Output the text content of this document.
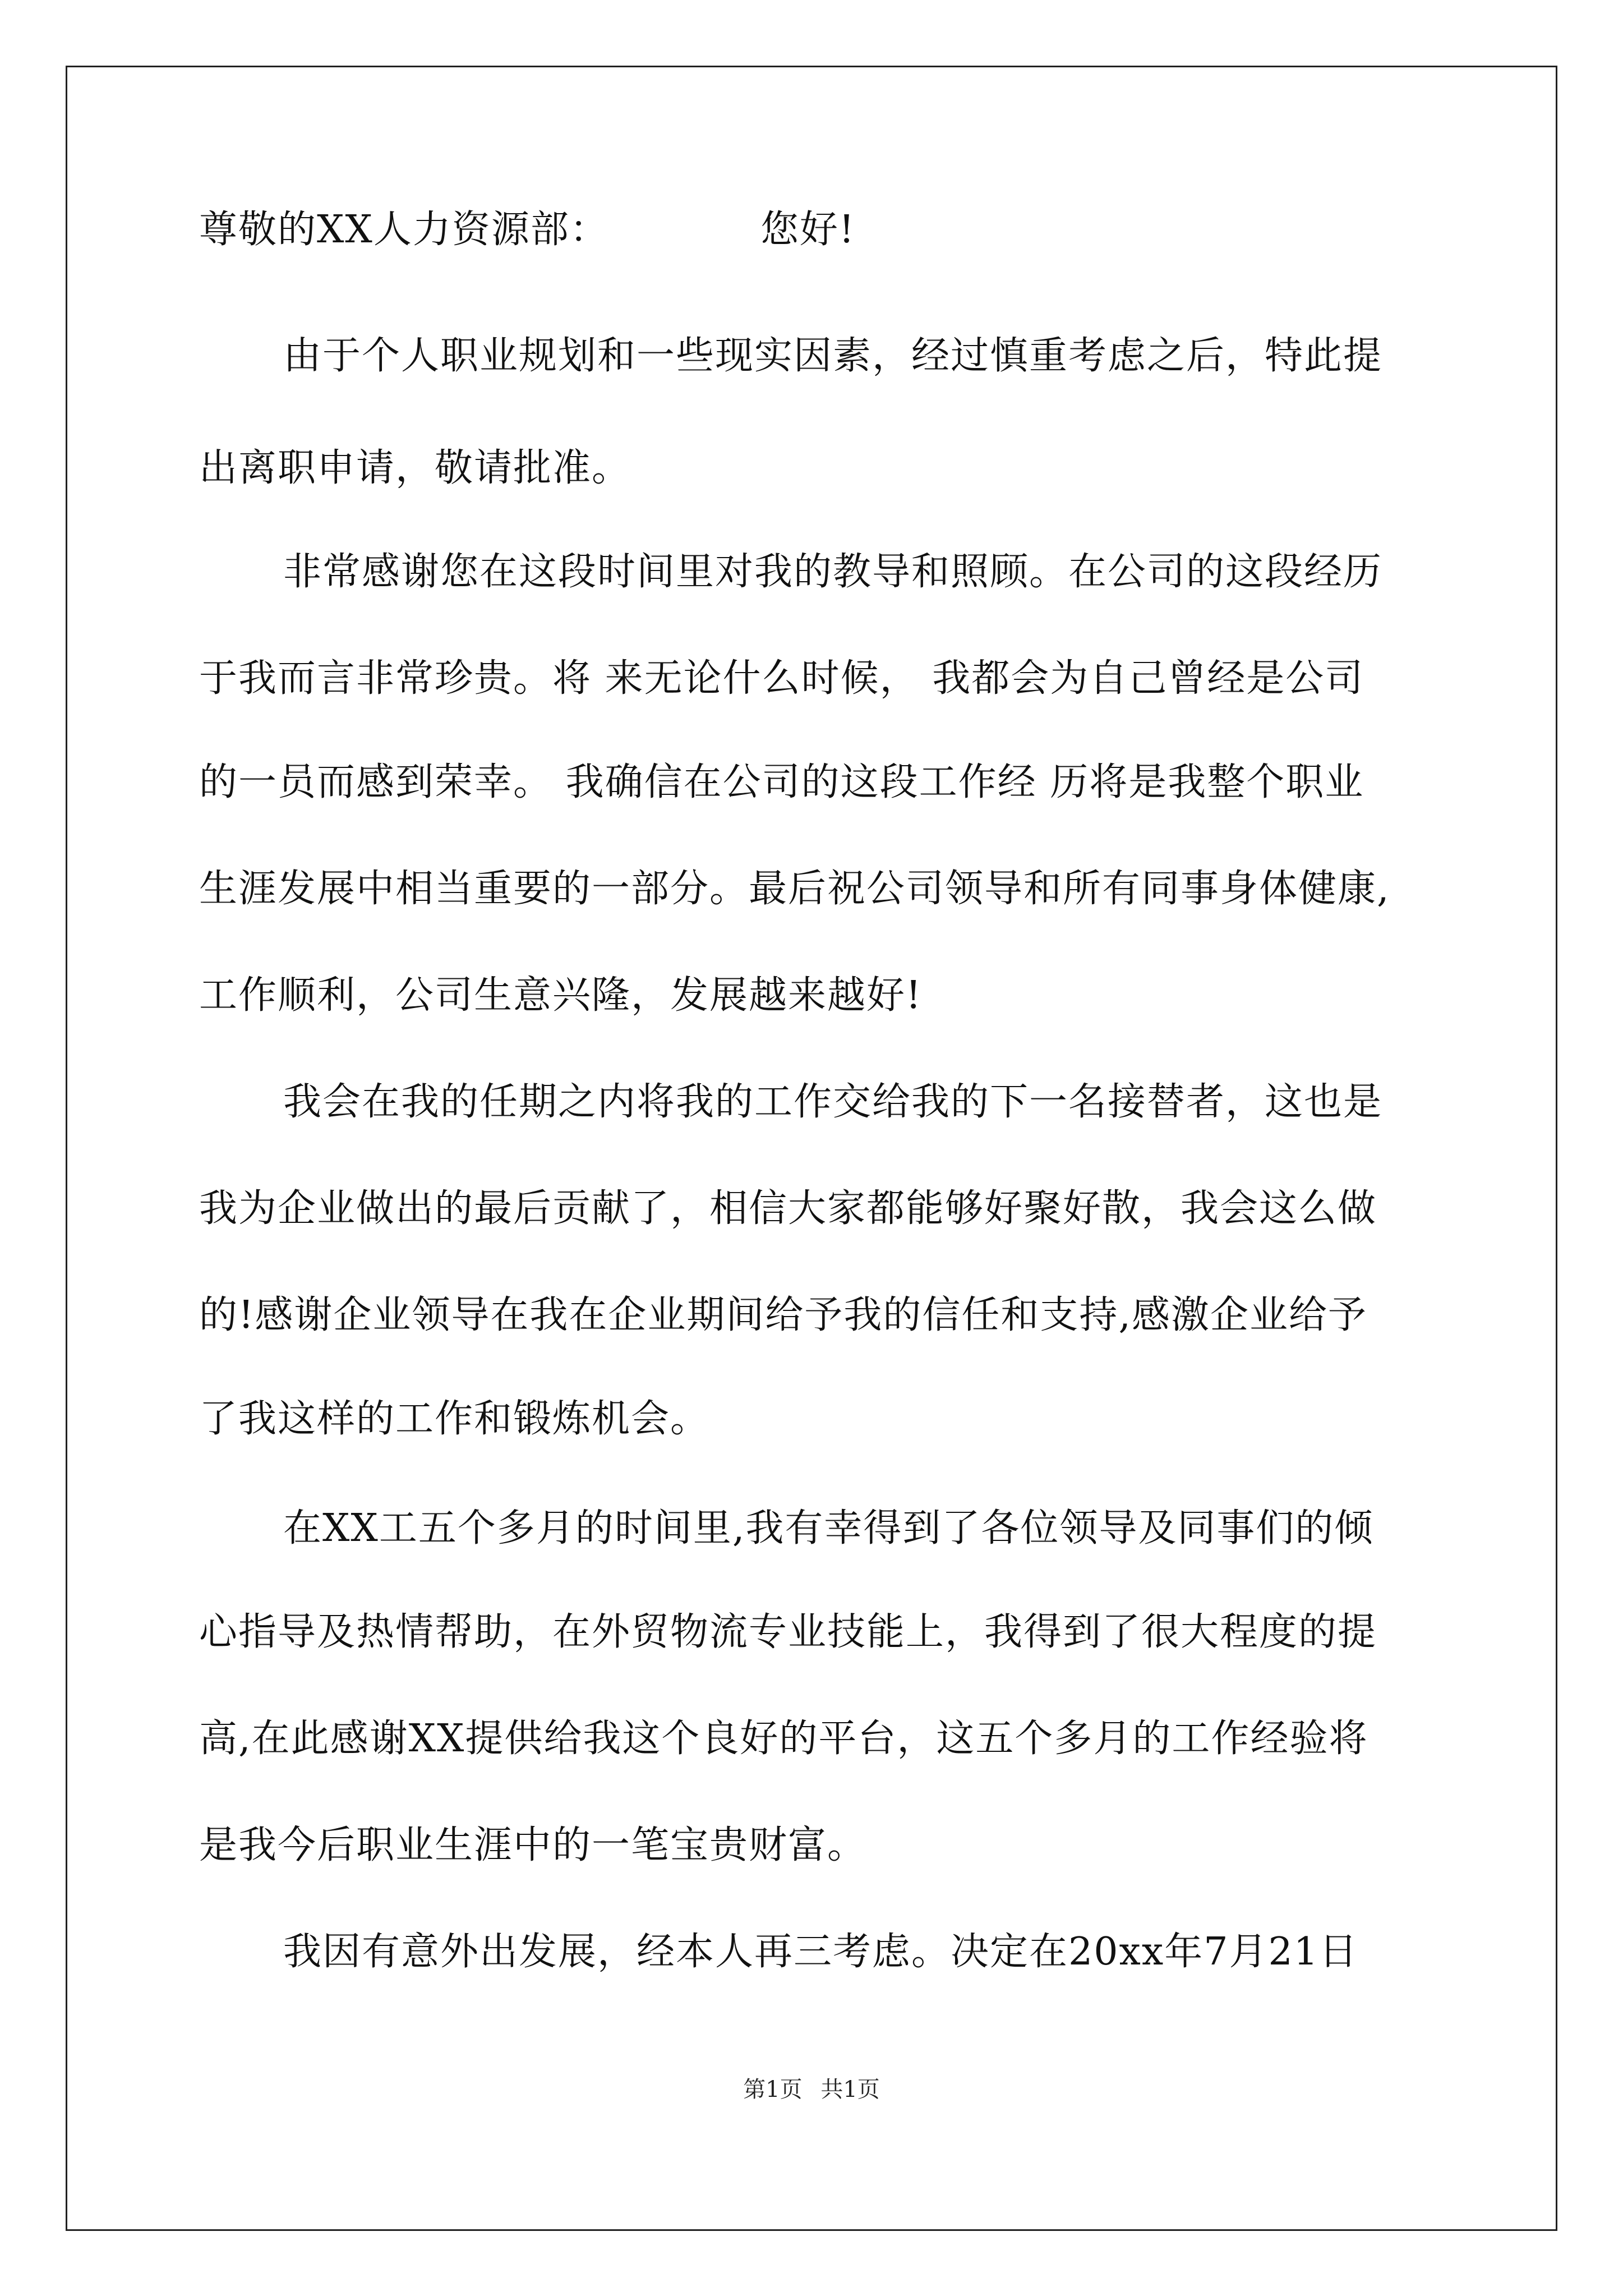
尊敬的XX人力资源部：	您好!
由于个人职业规划和一些现实因素，经过慎重考虑之后，特此提
出离职申请，敬请批准。
非常感谢您在这段时间里对我的教导和照顾。在公司的这段经历
于我而言非常珍贵。将 来无论什么时候， 我都会为自己曾经是公司
的一员而感到荣幸。 我确信在公司的这段工作经 历将是我整个职业
生涯发展中相当重要的一部分。最后祝公司领导和所有同事身体健康,
工作顺利，公司生意兴隆，发展越来越好!
我会在我的任期之内将我的工作交给我的下一名接替者，这也是
我为企业做出的最后贡献了，相信大家都能够好聚好散，我会这么做
的!感谢企业领导在我在企业期间给予我的信任和支持,感激企业给予
了我这样的工作和锻炼机会。
在XX工五个多月的时间里,我有幸得到了各位领导及同事们的倾
心指导及热情帮助，在外贸物流专业技能上，我得到了很大程度的提
高,在此感谢XX提供给我这个良好的平台，这五个多月的工作经验将
是我今后职业生涯中的一笔宝贵财富。
我因有意外出发展，经本人再三考虑。决定在20xx年7月21日
第1页 共1页
